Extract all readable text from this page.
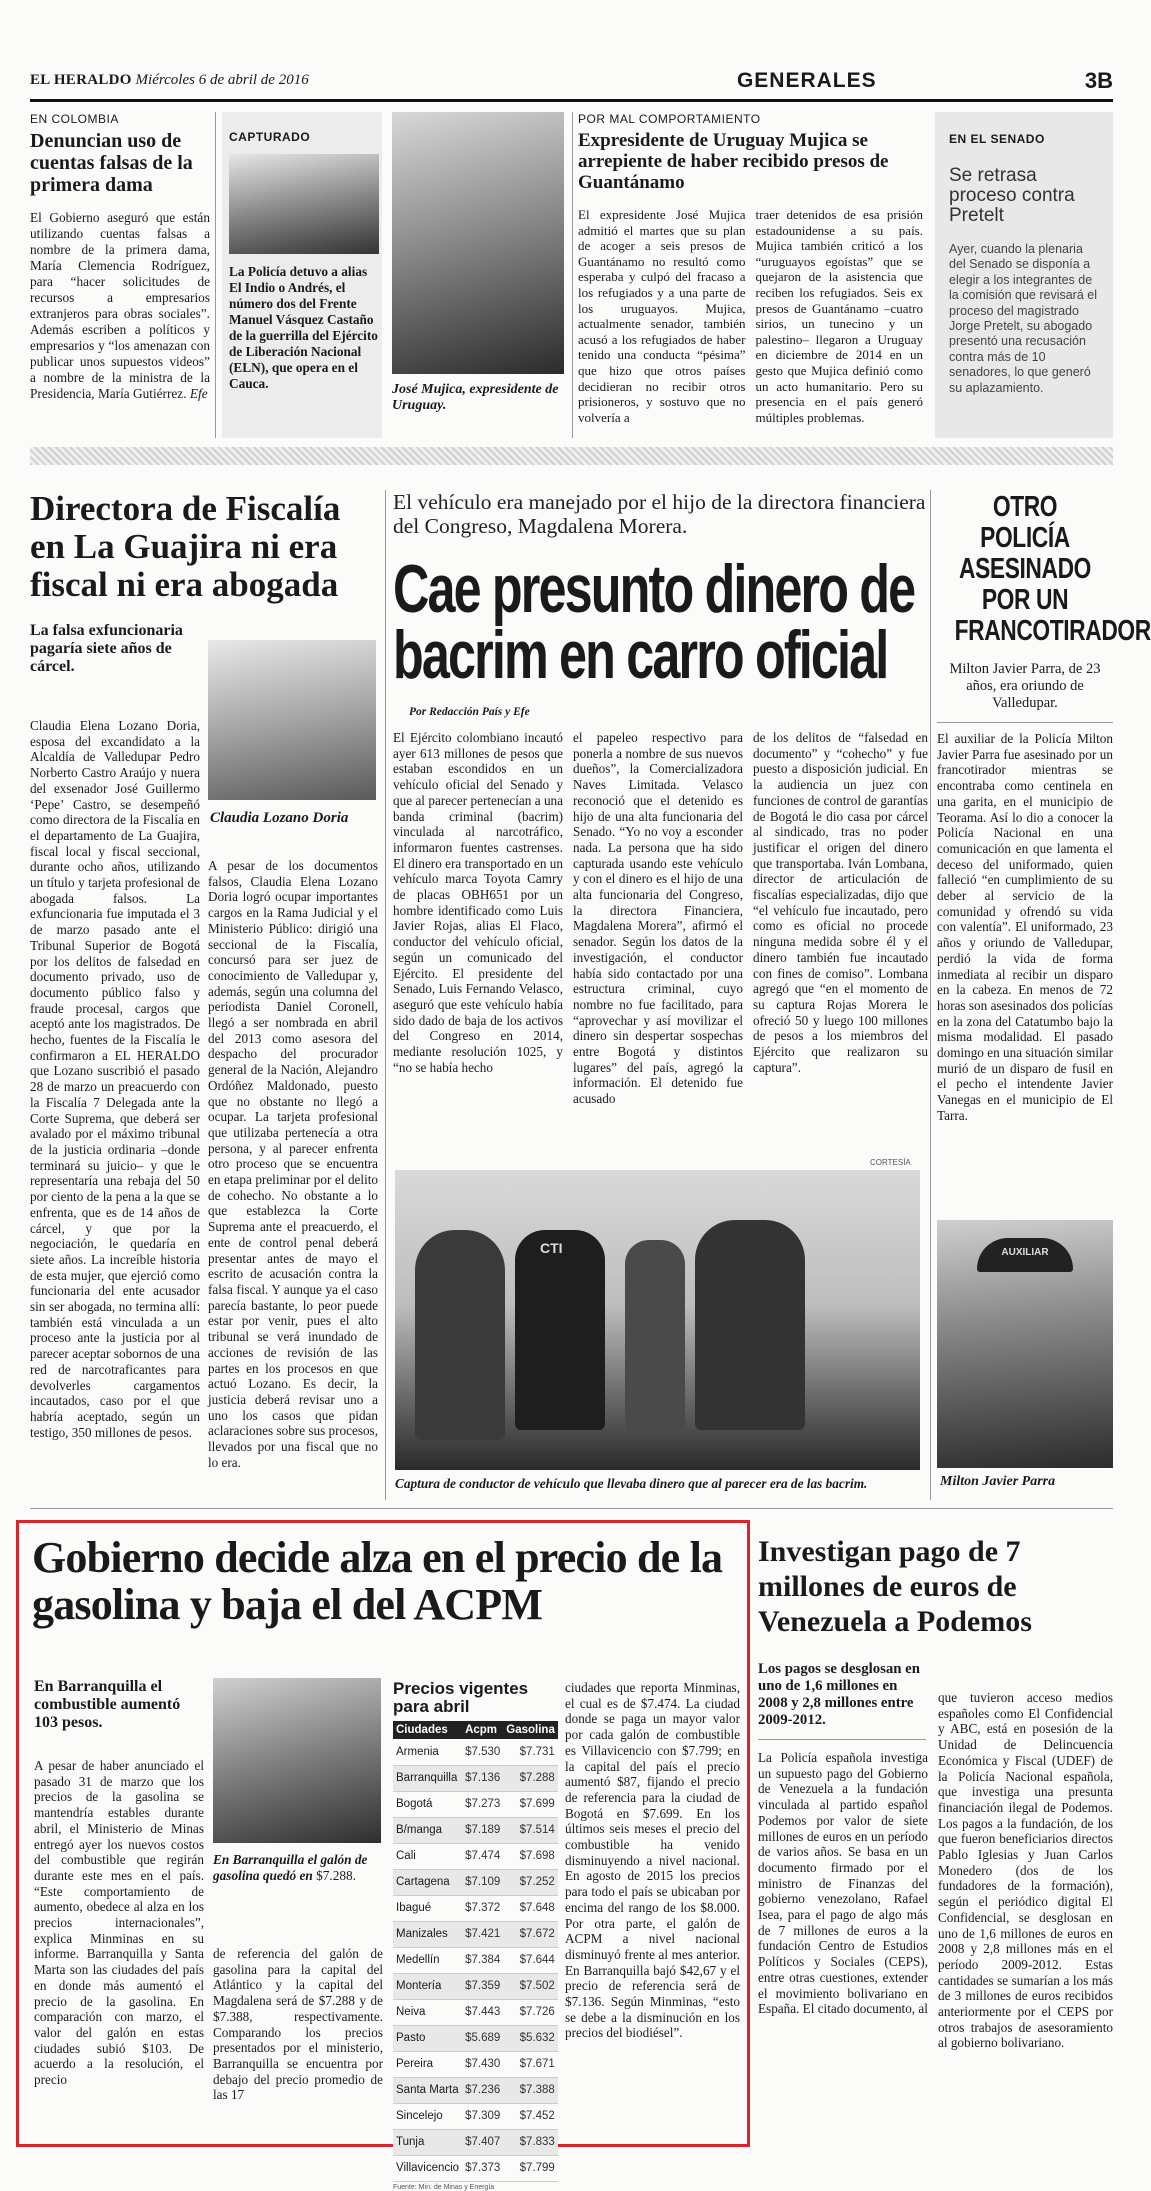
EL HERALDO Miércoles 6 de abril de 2016	GENERALES	3B
EN COLOMBIA
Denuncian uso de cuentas falsas de la primera dama
El Gobierno aseguró que están utilizando cuentas falsas a nombre de la primera dama, María Clemencia Rodríguez, para “hacer solicitudes de recursos a empresarios extranjeros para obras sociales”. Además escriben a políticos y empresarios y “los amenazan con publicar unos supuestos videos” a nombre de la ministra de la Presidencia, María Gutiérrez. Efe
CAPTURADO
La Policía detuvo a alias El Indio o Andrés, el número dos del Frente Manuel Vásquez Castaño de la guerrilla del Ejército de Liberación Nacional (ELN), que opera en el Cauca.	José Mujica, expresidente de Uruguay.
POR MAL COMPORTAMIENTO
Expresidente de Uruguay Mujica se arrepiente de haber recibido presos de Guantánamo
El expresidente José Mujica admitió el martes que su plan de acoger a seis presos de Guantánamo no resultó como esperaba y culpó del fracaso a los refugiados y a una parte de los uruguayos. Mujica, actualmente senador, también acusó a los refugiados de haber tenido una conducta “pésima” que hizo que otros países decidieran no recibir otros prisioneros, y sostuvo que no volvería a
traer detenidos de esa prisión estadounidense a su país. Mujica también criticó a los “uruguayos egoístas” que se quejaron de la asistencia que reciben los refugiados. Seis ex presos de Guantánamo –cuatro sirios, un tunecino y un palestino– llegaron a Uruguay en diciembre de 2014 en un gesto que Mujica definió como un acto humanitario. Pero su presencia en el país generó múltiples problemas.
EN EL SENADO
Se retrasa proceso contra Pretelt
Ayer, cuando la plenaria del Senado se disponía a elegir a los integrantes de la comisión que revisará el proceso del magistrado Jorge Pretelt, su abogado presentó una recusación contra más de 10 senadores, lo que generó su aplazamiento.
Directora de Fiscalía en La Guajira ni era fiscal ni era abogada
La falsa exfuncionaria pagaría siete años de cárcel.
Claudia Lozano Doria
Claudia Elena Lozano Doria, esposa del excandidato a la Alcaldía de Valledupar Pedro Norberto Castro Araújo y nuera del exsenador José Guillermo ‘Pepe’ Castro, se desempeñó como directora de la Fiscalía en el departamento de La Guajira, fiscal local y fiscal seccional, durante ocho años, utilizando un título y tarjeta profesional de abogada falsos. La exfuncionaria fue imputada el 3 de marzo pasado ante el Tribunal Superior de Bogotá por los delitos de falsedad en documento privado, uso de documento público falso y fraude procesal, cargos que aceptó ante los magistrados. De hecho, fuentes de la Fiscalía le confirmaron a EL HERALDO que Lozano suscribió el pasado 28 de marzo un preacuerdo con la Fiscalía 7 Delegada ante la Corte Suprema, que deberá ser avalado por el máximo tribunal de la justicia ordinaria –donde terminará su juicio– y que le representaría una rebaja del 50 por ciento de la pena a la que se enfrenta, que es de 14 años de cárcel, y que por la negociación, le quedaría en siete años. La increíble historia de esta mujer, que ejerció como funcionaria del ente acusador sin ser abogada, no termina allí: también está vinculada a un proceso ante la justicia por al parecer aceptar sobornos de una red de narcotraficantes para devolverles cargamentos incautados, caso por el que habría aceptado, según un testigo, 350 millones de pesos.
A pesar de los documentos falsos, Claudia Elena Lozano Doria logró ocupar importantes cargos en la Rama Judicial y el Ministerio Público: dirigió una seccional de la Fiscalía, concursó para ser juez de conocimiento de Valledupar y, además, según una columna del periodista Daniel Coronell, llegó a ser nombrada en abril del 2013 como asesora del despacho del procurador general de la Nación, Alejandro Ordóñez Maldonado, puesto que no obstante no llegó a ocupar. La tarjeta profesional que utilizaba pertenecía a otra persona, y al parecer enfrenta otro proceso que se encuentra en etapa preliminar por el delito de cohecho. No obstante a lo que establezca la Corte Suprema ante el preacuerdo, el ente de control penal deberá presentar antes de mayo el escrito de acusación contra la falsa fiscal. Y aunque ya el caso parecía bastante, lo peor puede estar por venir, pues el alto tribunal se verá inundado de acciones de revisión de las partes en los procesos en que actuó Lozano. Es decir, la justicia deberá revisar uno a uno los casos que pidan aclaraciones sobre sus procesos, llevados por una fiscal que no lo era.
El vehículo era manejado por el hijo de la directora financiera del Congreso, Magdalena Morera.
Cae presunto dinero de bacrim en carro oficial
Por Redacción País y Efe
El Ejército colombiano incautó ayer 613 millones de pesos que estaban escondidos en un vehículo oficial del Senado y que al parecer pertenecían a una banda criminal (bacrim) vinculada al narcotráfico, informaron fuentes castrenses. El dinero era transportado en un vehículo marca Toyota Camry de placas OBH651 por un hombre identificado como Luis Javier Rojas, alias El Flaco, conductor del vehículo oficial, según un comunicado del Ejército. El presidente del Senado, Luis Fernando Velasco, aseguró que este vehículo había sido dado de baja de los activos del Congreso en 2014, mediante resolución 1025, y “no se había hecho
el papeleo respectivo para ponerla a nombre de sus nuevos dueños”, la Comercializadora Naves Limitada. Velasco reconoció que el detenido es hijo de una alta funcionaria del Senado. “Yo no voy a esconder nada. La persona que ha sido capturada usando este vehículo y con el dinero es el hijo de una alta funcionaria del Congreso, la directora Financiera, Magdalena Morera”, afirmó el senador. Según los datos de la investigación, el conductor había sido contactado por una estructura criminal, cuyo nombre no fue facilitado, para “aprovechar y así movilizar el dinero sin despertar sospechas entre Bogotá y distintos lugares” del país, agregó la información. El detenido fue acusado
de los delitos de “falsedad en documento” y “cohecho” y fue puesto a disposición judicial. En la audiencia un juez con funciones de control de garantías de Bogotá le dio casa por cárcel al sindicado, tras no poder justificar el origen del dinero que transportaba. Iván Lombana, director de articulación de fiscalías especializadas, dijo que “el vehículo fue incautado, pero como es oficial no procede ninguna medida sobre él y el dinero también fue incautado con fines de comiso”. Lombana agregó que “en el momento de su captura Rojas Morera le ofreció 50 y luego 100 millones de pesos a los miembros del Ejército que realizaron su captura”.
CORTESÍA
CTI
Captura de conductor de vehículo que llevaba dinero que al parecer era de las bacrim.
OTRO POLICÍA ASESINADO POR UN FRANCOTIRADOR
Milton Javier Parra, de 23 años, era oriundo de Valledupar.
El auxiliar de la Policía Milton Javier Parra fue asesinado por un francotirador mientras se encontraba como centinela en una garita, en el municipio de Teorama. Así lo dio a conocer la Policía Nacional en una comunicación en que lamenta el deceso del uniformado, quien falleció “en cumplimiento de su deber al servicio de la comunidad y ofrendó su vida con valentía”. El uniformado, 23 años y oriundo de Valledupar, perdió la vida de forma inmediata al recibir un disparo en la cabeza. En menos de 72 horas son asesinados dos policías en la zona del Catatumbo bajo la misma modalidad. El pasado domingo en una situación similar murió de un disparo de fusil en el pecho el intendente Javier Vanegas en el municipio de El Tarra.
AUXILIAR
Milton Javier Parra
Gobierno decide alza en el precio de la gasolina y baja el del ACPM
En Barranquilla el combustible aumentó 103 pesos.
A pesar de haber anunciado el pasado 31 de marzo que los precios de la gasolina se mantendría estables durante abril, el Ministerio de Minas entregó ayer los nuevos costos del combustible que regirán durante este mes en el país. “Este comportamiento de aumento, obedece al alza en los precios internacionales”, explica Minminas en su informe. Barranquilla y Santa Marta son las ciudades del país en donde más aumentó el precio de la gasolina. En comparación con marzo, el valor del galón en estas ciudades subió $103. De acuerdo a la resolución, el precio
En Barranquilla el galón de gasolina quedó en $7.288.
de referencia del galón de gasolina para la capital del Atlántico y la capital del Magdalena será de $7.288 y de $7.388, respectivamente. Comparando los precios presentados por el ministerio, Barranquilla se encuentra por debajo del precio promedio de las 17
Precios vigentes para abril
Ciudades	Acpm	Gasolina
Armenia	$7.530	$7.731
Barranquilla	$7.136	$7.288
Bogotá	$7.273	$7.699
B/manga	$7.189	$7.514
Cali	$7.474	$7.698
Cartagena	$7.109	$7.252
Ibagué	$7.372	$7.648
Manizales	$7.421	$7.672
Medellín	$7.384	$7.644
Montería	$7.359	$7.502
Neiva	$7.443	$7.726
Pasto	$5.689	$5.632
Pereira	$7.430	$7.671
Santa Marta	$7.236	$7.388
Sincelejo	$7.309	$7.452
Tunja	$7.407	$7.833
Villavicencio	$7.373	$7.799
Fuente: Min. de Minas y Energía
ciudades que reporta Minminas, el cual es de $7.474. La ciudad donde se paga un mayor valor por cada galón de combustible es Villavicencio con $7.799; en la capital del país el precio aumentó $87, fijando el precio de referencia para la ciudad de Bogotá en $7.699. En los últimos seis meses el precio del combustible ha venido disminuyendo a nivel nacional. En agosto de 2015 los precios para todo el país se ubicaban por encima del rango de los $8.000. Por otra parte, el galón de ACPM a nivel nacional disminuyó frente al mes anterior. En Barranquilla bajó $42,67 y el precio de referencia será de $7.136. Según Minminas, “esto se debe a la disminución en los precios del biodiésel”.
Investigan pago de 7 millones de euros de Venezuela a Podemos
Los pagos se desglosan en uno de 1,6 millones en 2008 y 2,8 millones entre 2009-2012.
La Policía española investiga un supuesto pago del Gobierno de Venezuela a la fundación vinculada al partido español Podemos por valor de siete millones de euros en un período de varios años. Se basa en un documento firmado por el ministro de Finanzas del gobierno venezolano, Rafael Isea, para el pago de algo más de 7 millones de euros a la fundación Centro de Estudios Políticos y Sociales (CEPS), entre otras cuestiones, extender el movimiento bolivariano en España. El citado documento, al
que tuvieron acceso medios españoles como El Confidencial y ABC, está en posesión de la Unidad de Delincuencia Económica y Fiscal (UDEF) de la Policía Nacional española, que investiga una presunta financiación ilegal de Podemos. Los pagos a la fundación, de los que fueron beneficiarios directos Pablo Iglesias y Juan Carlos Monedero (dos de los fundadores de la formación), según el periódico digital El Confidencial, se desglosan en uno de 1,6 millones de euros en 2008 y 2,8 millones más en el período 2009-2012. Estas cantidades se sumarían a los más de 3 millones de euros recibidos anteriormente por el CEPS por otros trabajos de asesoramiento al gobierno bolivariano.
